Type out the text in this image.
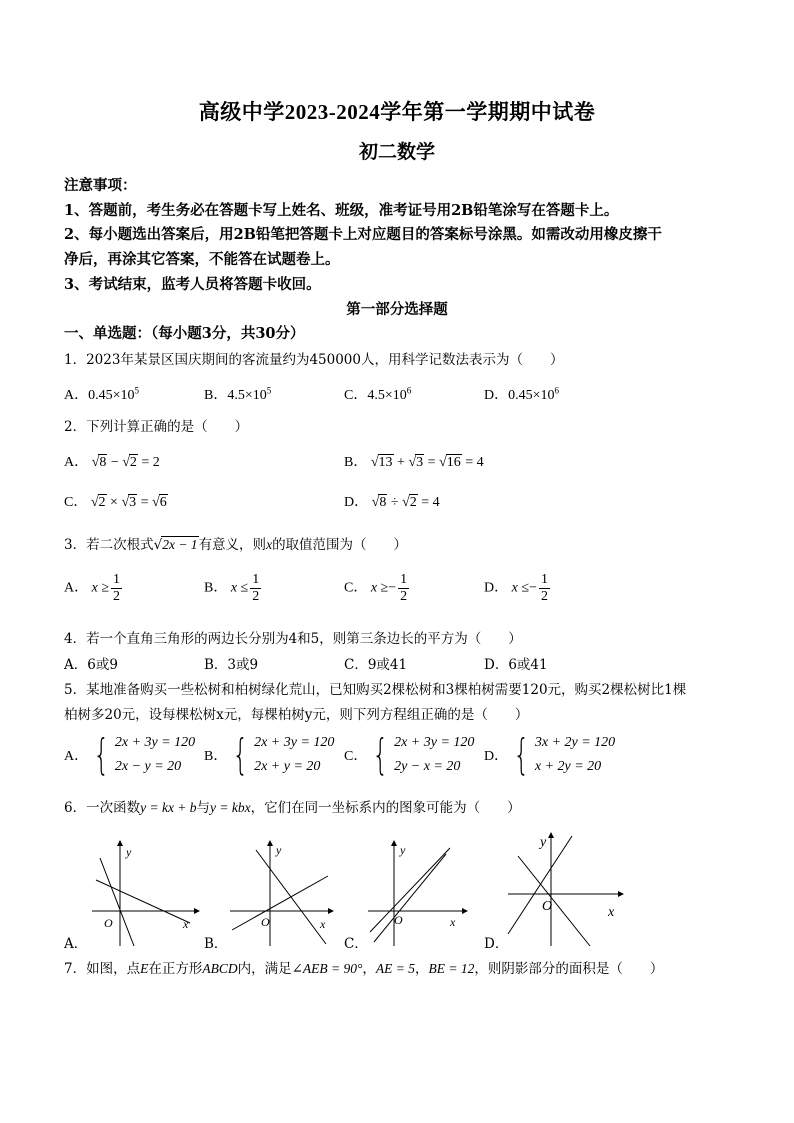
高级中学2023-2024学年第一学期期中试卷
初二数学
注意事项：
1、答题前，考生务必在答题卡写上姓名、班级，准考证号用2B铅笔涂写在答题卡上。
2、每小题选出答案后，用2B铅笔把答题卡上对应题目的答案标号涂黑。如需改动用橡皮擦干
净后，再涂其它答案，不能答在试题卷上。
3、考试结束，监考人员将答题卡收回。
第一部分选择题
一、单选题：（每小题3分，共30分）
1．2023年某景区国庆期间的客流量约为450000人，用科学记数法表示为（　　）
A．$0.45\times 10^5$	B．$4.5\times 10^5$	C．$4.5\times 10^6$	D．$0.45\times 10^6$
2．下列计算正确的是（　　）
A． √8 − √2 = 2	B． √13 + √3 = √16 = 4
C． √2 × √3 = √6	D． √8 ÷ √2 = 4
3．若二次根式√2x − 1有意义，则x的取值范围为（　　）
A． $x \ge \frac{1}{2}$	B． $x \le \frac{1}{2}$	C． $x \ge- \frac{1}{2}$	D． $x \le- \frac{1}{2}$
4．若一个直角三角形的两边长分别为4和5，则第三条边长的平方为（　　）
A．6或9	B．3或9	C．9或41	D．6或41
5．某地准备购买一些松树和柏树绿化荒山，已知购买2棵松树和3棵柏树需要120元，购买2棵松树比1棵
柏树多20元，设每棵松树x元，每棵柏树y元，则下列方程组正确的是（　　）
A． { 2x + 3y = 120
2x − y = 20
B． { 2x + 3y = 120
2x + y = 20
C． { 2x + 3y = 120
2y − x = 20
D． { 3x + 2y = 120
x + 2y = 20
6．一次函数y = kx + b与y = kbx，它们在同一坐标系内的图象可能为（　　）
y
x
O
A．
y
x
O
B．
y
x
O
C．
y
x
O
D．
7．如图，点E在正方形ABCD内，满足∠AEB = 90°，AE = 5，BE = 12，则阴影部分的面积是（　　）
